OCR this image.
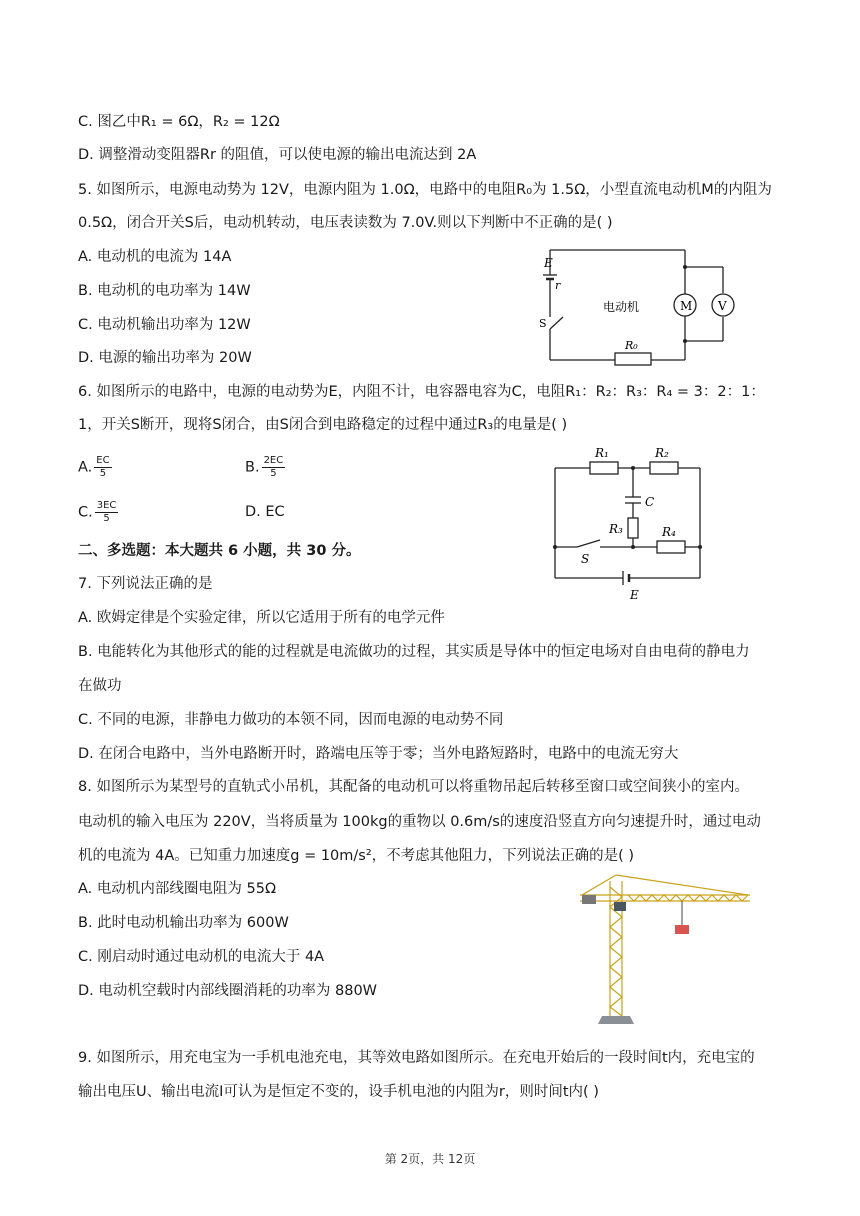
C. 图乙中R₁ = 6Ω，R₂ = 12Ω
D. 调整滑动变阻器Rr 的阻值，可以使电源的输出电流达到 2A
5. 如图所示，电源电动势为 12V，电源内阻为 1.0Ω，电路中的电阻R₀为 1.5Ω，小型直流电动机M的内阻为
0.5Ω，闭合开关S后，电动机转动，电压表读数为 7.0V.则以下判断中不正确的是( )
A. 电动机的电流为 14A
B. 电动机的电功率为 14W
C. 电动机输出功率为 12W
D. 电源的输出功率为 20W
6. 如图所示的电路中，电源的电动势为E，内阻不计，电容器电容为C，电阻R₁：R₂：R₃：R₄ = 3：2：1：
1，开关S断开，现将S闭合，由S闭合到电路稳定的过程中通过R₃的电量是( )
A. $\frac{EC}{5}$	B. $\frac{2EC}{5}$
C. $\frac{3EC}{5}$	D. EC
二、多选题：本大题共 6 小题，共 30 分。
7. 下列说法正确的是
A. 欧姆定律是个实验定律，所以它适用于所有的电学元件
B. 电能转化为其他形式的能的过程就是电流做功的过程，其实质是导体中的恒定电场对自由电荷的静电力
在做功
C. 不同的电源，非静电力做功的本领不同，因而电源的电动势不同
D. 在闭合电路中，当外电路断开时，路端电压等于零；当外电路短路时，电路中的电流无穷大
8. 如图所示为某型号的直轨式小吊机，其配备的电动机可以将重物吊起后转移至窗口或空间狭小的室内。
电动机的输入电压为 220V，当将质量为 100kg的重物以 0.6m/s的速度沿竖直方向匀速提升时，通过电动
机的电流为 4A。已知重力加速度g = 10m/s²，不考虑其他阻力，下列说法正确的是( )
A. 电动机内部线圈电阻为 55Ω
B. 此时电动机输出功率为 600W
C. 刚启动时通过电动机的电流大于 4A
D. 电动机空载时内部线圈消耗的功率为 880W
9. 如图所示，用充电宝为一手机电池充电，其等效电路如图所示。在充电开始后的一段时间t内，充电宝的
输出电压U、输出电流I可认为是恒定不变的，设手机电池的内阻为r，则时间t内( )
E
r
电动机	M V
S
R₀
R₁	R₂
C
R₃	R₄
S
E
第 2页，共 12页
